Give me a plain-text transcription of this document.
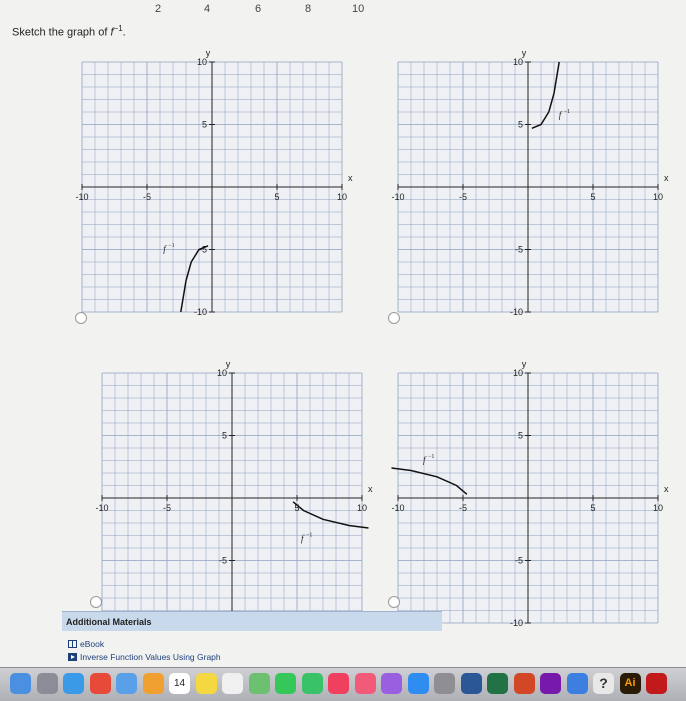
2	4	6	8	10
Sketch the graph of $f^{-1}$.
-10	-5	5	10
10
5
-5
-10
y
x
f −1
-10	-5	5	10
10
5
-5
-10
y
x
f −1
-10	-5	5	10
10
5
-5
y
x
f −1
-10	-5	5	10
10
5
-5
-10
y
x
f −1
Additional Materials
eBook
Inverse Function Values Using Graph
14	?	Ai
